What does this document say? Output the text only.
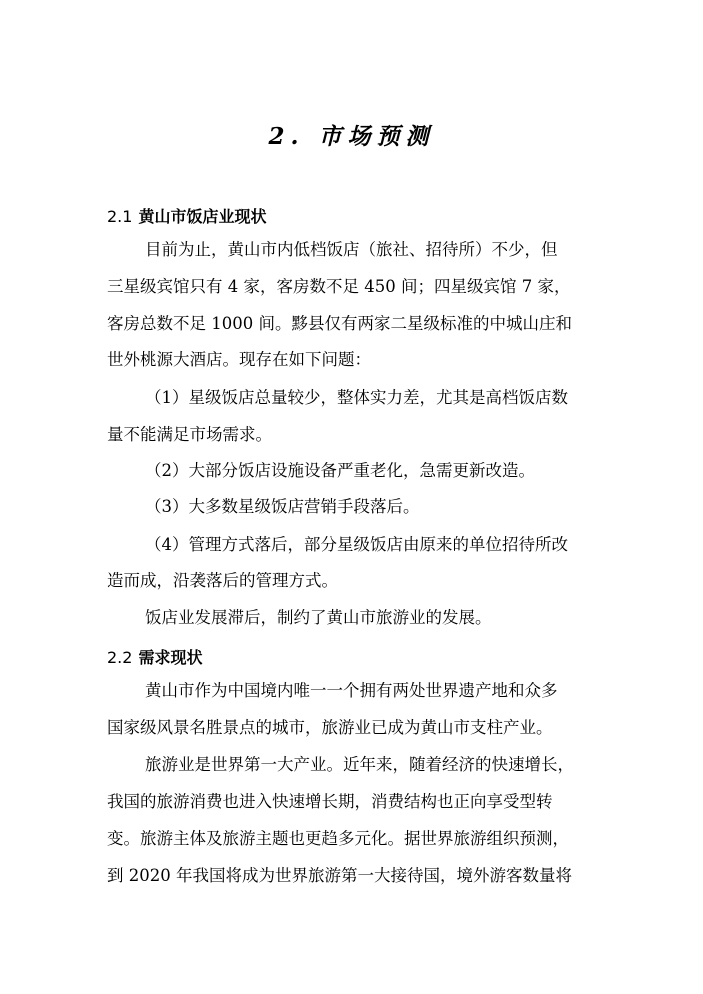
2. 市场预测
2.1 黄山市饭店业现状
目前为止，黄山市内低档饭店（旅社、招待所）不少，但
三星级宾馆只有 4 家，客房数不足 450 间；四星级宾馆 7 家，
客房总数不足 1000 间。黟县仅有两家二星级标准的中城山庄和
世外桃源大酒店。现存在如下问题：
（1）星级饭店总量较少，整体实力差，尤其是高档饭店数
量不能满足市场需求。
（2）大部分饭店设施设备严重老化，急需更新改造。
（3）大多数星级饭店营销手段落后。
（4）管理方式落后，部分星级饭店由原来的单位招待所改
造而成，沿袭落后的管理方式。
饭店业发展滞后，制约了黄山市旅游业的发展。
2.2 需求现状
黄山市作为中国境内唯一一个拥有两处世界遗产地和众多
国家级风景名胜景点的城市，旅游业已成为黄山市支柱产业。
旅游业是世界第一大产业。近年来，随着经济的快速增长，
我国的旅游消费也进入快速增长期，消费结构也正向享受型转
变。旅游主体及旅游主题也更趋多元化。据世界旅游组织预测，
到 2020 年我国将成为世界旅游第一大接待国，境外游客数量将
